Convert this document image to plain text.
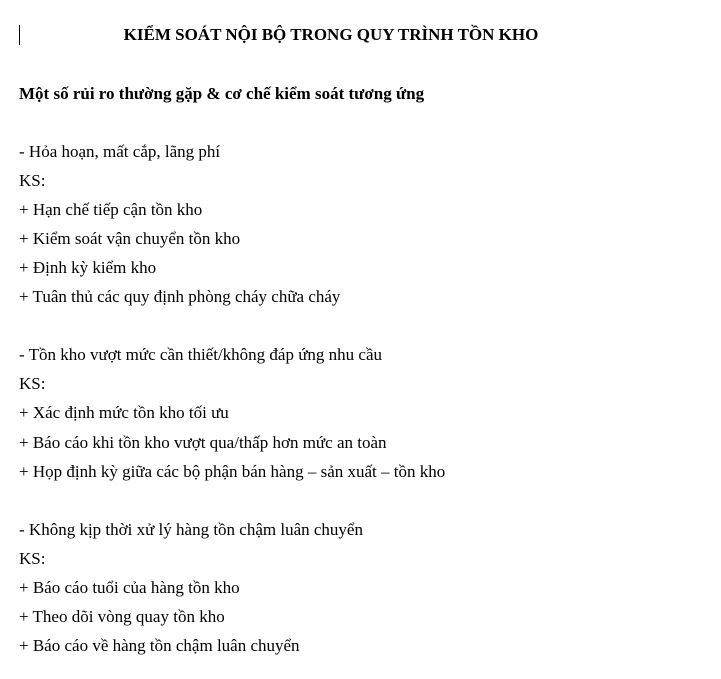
KIỂM SOÁT NỘI BỘ TRONG QUY TRÌNH TỒN KHO
Một số rủi ro thường gặp & cơ chế kiểm soát tương ứng
- Hỏa hoạn, mất cắp, lãng phí
KS:
+ Hạn chế tiếp cận tồn kho
+ Kiểm soát vận chuyển tồn kho
+ Định kỳ kiểm kho
+ Tuân thủ các quy định phòng cháy chữa cháy
- Tồn kho vượt mức cần thiết/không đáp ứng nhu cầu
KS:
+ Xác định mức tồn kho tối ưu
+ Báo cáo khi tồn kho vượt qua/thấp hơn mức an toàn
+ Họp định kỳ giữa các bộ phận bán hàng – sản xuất – tồn kho
- Không kịp thời xử lý hàng tồn chậm luân chuyển
KS:
+ Báo cáo tuổi của hàng tồn kho
+ Theo dõi vòng quay tồn kho
+ Báo cáo về hàng tồn chậm luân chuyển
